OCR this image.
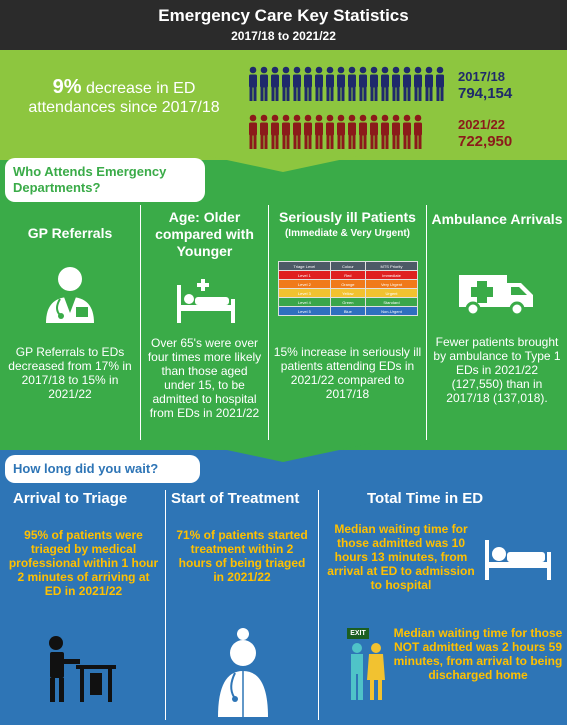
Emergency Care Key Statistics
2017/18 to 2021/22
9% decrease in ED attendances since 2017/18
2017/18
794,154
2021/22
722,950
Who Attends Emergency Departments?
GP Referrals
GP Referrals to EDs decreased from 17% in 2017/18 to 15% in 2021/22
Age: Older compared with Younger
Over 65's were over four times more likely than those aged under 15, to be admitted to hospital from EDs in 2021/22
Seriously ill Patients
(Immediate & Very Urgent)
Triage Level	Colour	MTS Priority
Level 1	Red	Immediate
Level 2	Orange	Very Urgent
Level 3	Yellow	Urgent
Level 4	Green	Standard
Level 5	Blue	Non-Urgent
15% increase in seriously ill patients attending EDs in 2021/22 compared to 2017/18
Ambulance Arrivals
Fewer patients brought by ambulance to Type 1 EDs in 2021/22 (127,550) than in 2017/18 (137,018).
How long did you wait?
Arrival to Triage
95% of patients were triaged by medical professional within 1 hour 2 minutes of arriving at ED in 2021/22
Start of Treatment
71% of patients started treatment within 2 hours of being triaged in 2021/22
Total Time in ED
Median waiting time for those admitted was 10 hours 13 minutes, from arrival at ED to admission to hospital
EXIT Median waiting time for those NOT admitted was 2 hours 59 minutes, from arrival to being discharged home
